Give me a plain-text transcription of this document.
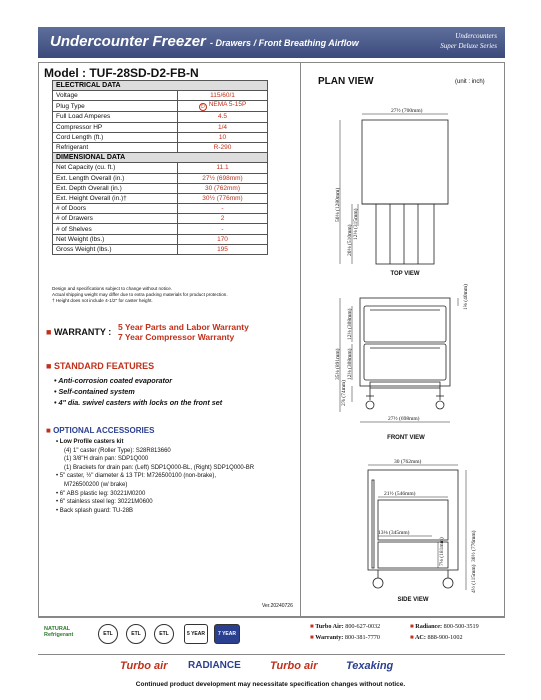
Undercounter Freezer - Drawers / Front Breathing Airflow
Undercounters
Super Deluxe Series
Model : TUF-28SD-D2-FB-N
ELECTRICAL DATA	
Voltage	115/60/1
Plug Type	⏻ NEMA 5-15P
Full Load Amperes	4.5
Compressor HP	1/4
Cord Length (ft.)	10
Refrigerant	R-290
DIMENSIONAL DATA	
Net Capacity (cu. ft.)	11.1
Ext. Length Overall (in.)	27½ (698mm)
Ext. Depth Overall (in.)	30 (762mm)
Ext. Height Overall (in.)†	30½ (776mm)
# of Doors	-
# of Drawers	2
# of Shelves	-
Net Weight (lbs.)	170
Gross Weight (lbs.)	195
Design and specifications subject to change without notice.
Actual shipping weight may differ due to extra packing materials for product protection.
† Height does not include 4-1/2" for caster height.
■ WARRANTY : 5 Year Parts and Labor Warranty
7 Year Compressor Warranty
■ STANDARD FEATURES
• Anti-corrosion coated evaporator
• Self-contained system
• 4" dia. swivel casters with locks on the front set
■ OPTIONAL ACCESSORIES
• Low Profile casters kit
(4) 1" caster (Roller Type): S28R813660
(1) 3/8"H drain pan: SDP1Q000
(1) Brackets for drain pan: (Left) SDP1Q000-BL, (Right) SDP1Q000-BR
• 5" caster, ½" diameter & 13 TPI: M726500100 (non-brake),
M726500200 (w/ brake)
• 6" ABS plastic leg: 30221M0200
• 6" stainless steel leg: 30221M0600
• Back splash guard: TU-28B
Ver.20240726
PLAN VIEW	(unit : inch)
27½ (700mm)
50⅛ (1280mm)
20⅛ (510mm)
12⅛ (315mm)
TOP VIEW
1⅜ (40mm)
12⅛ (308mm)
35⅛ (891mm) 12⅛ (308mm)
2⅞ (74mm)
27½ (698mm)
FRONT VIEW
30 (762mm)
21½ (546mm)
13⅛ (345mm)	30½ (776mm)
7⅛ (181mm)
4½ (115mm)
SIDE VIEW
NATURAL
Refrigerant	ETL	ETL	ETL	5 YEAR	7 YEAR
■ Turbo Air: 800-627-0032	■ Radiance: 800-500-3519
■ Warranty: 800-381-7770	■ AC: 888-900-1002
Turbo air RADIANCE	Turbo air	Texaking
Continued product development may necessitate specification changes without notice.
